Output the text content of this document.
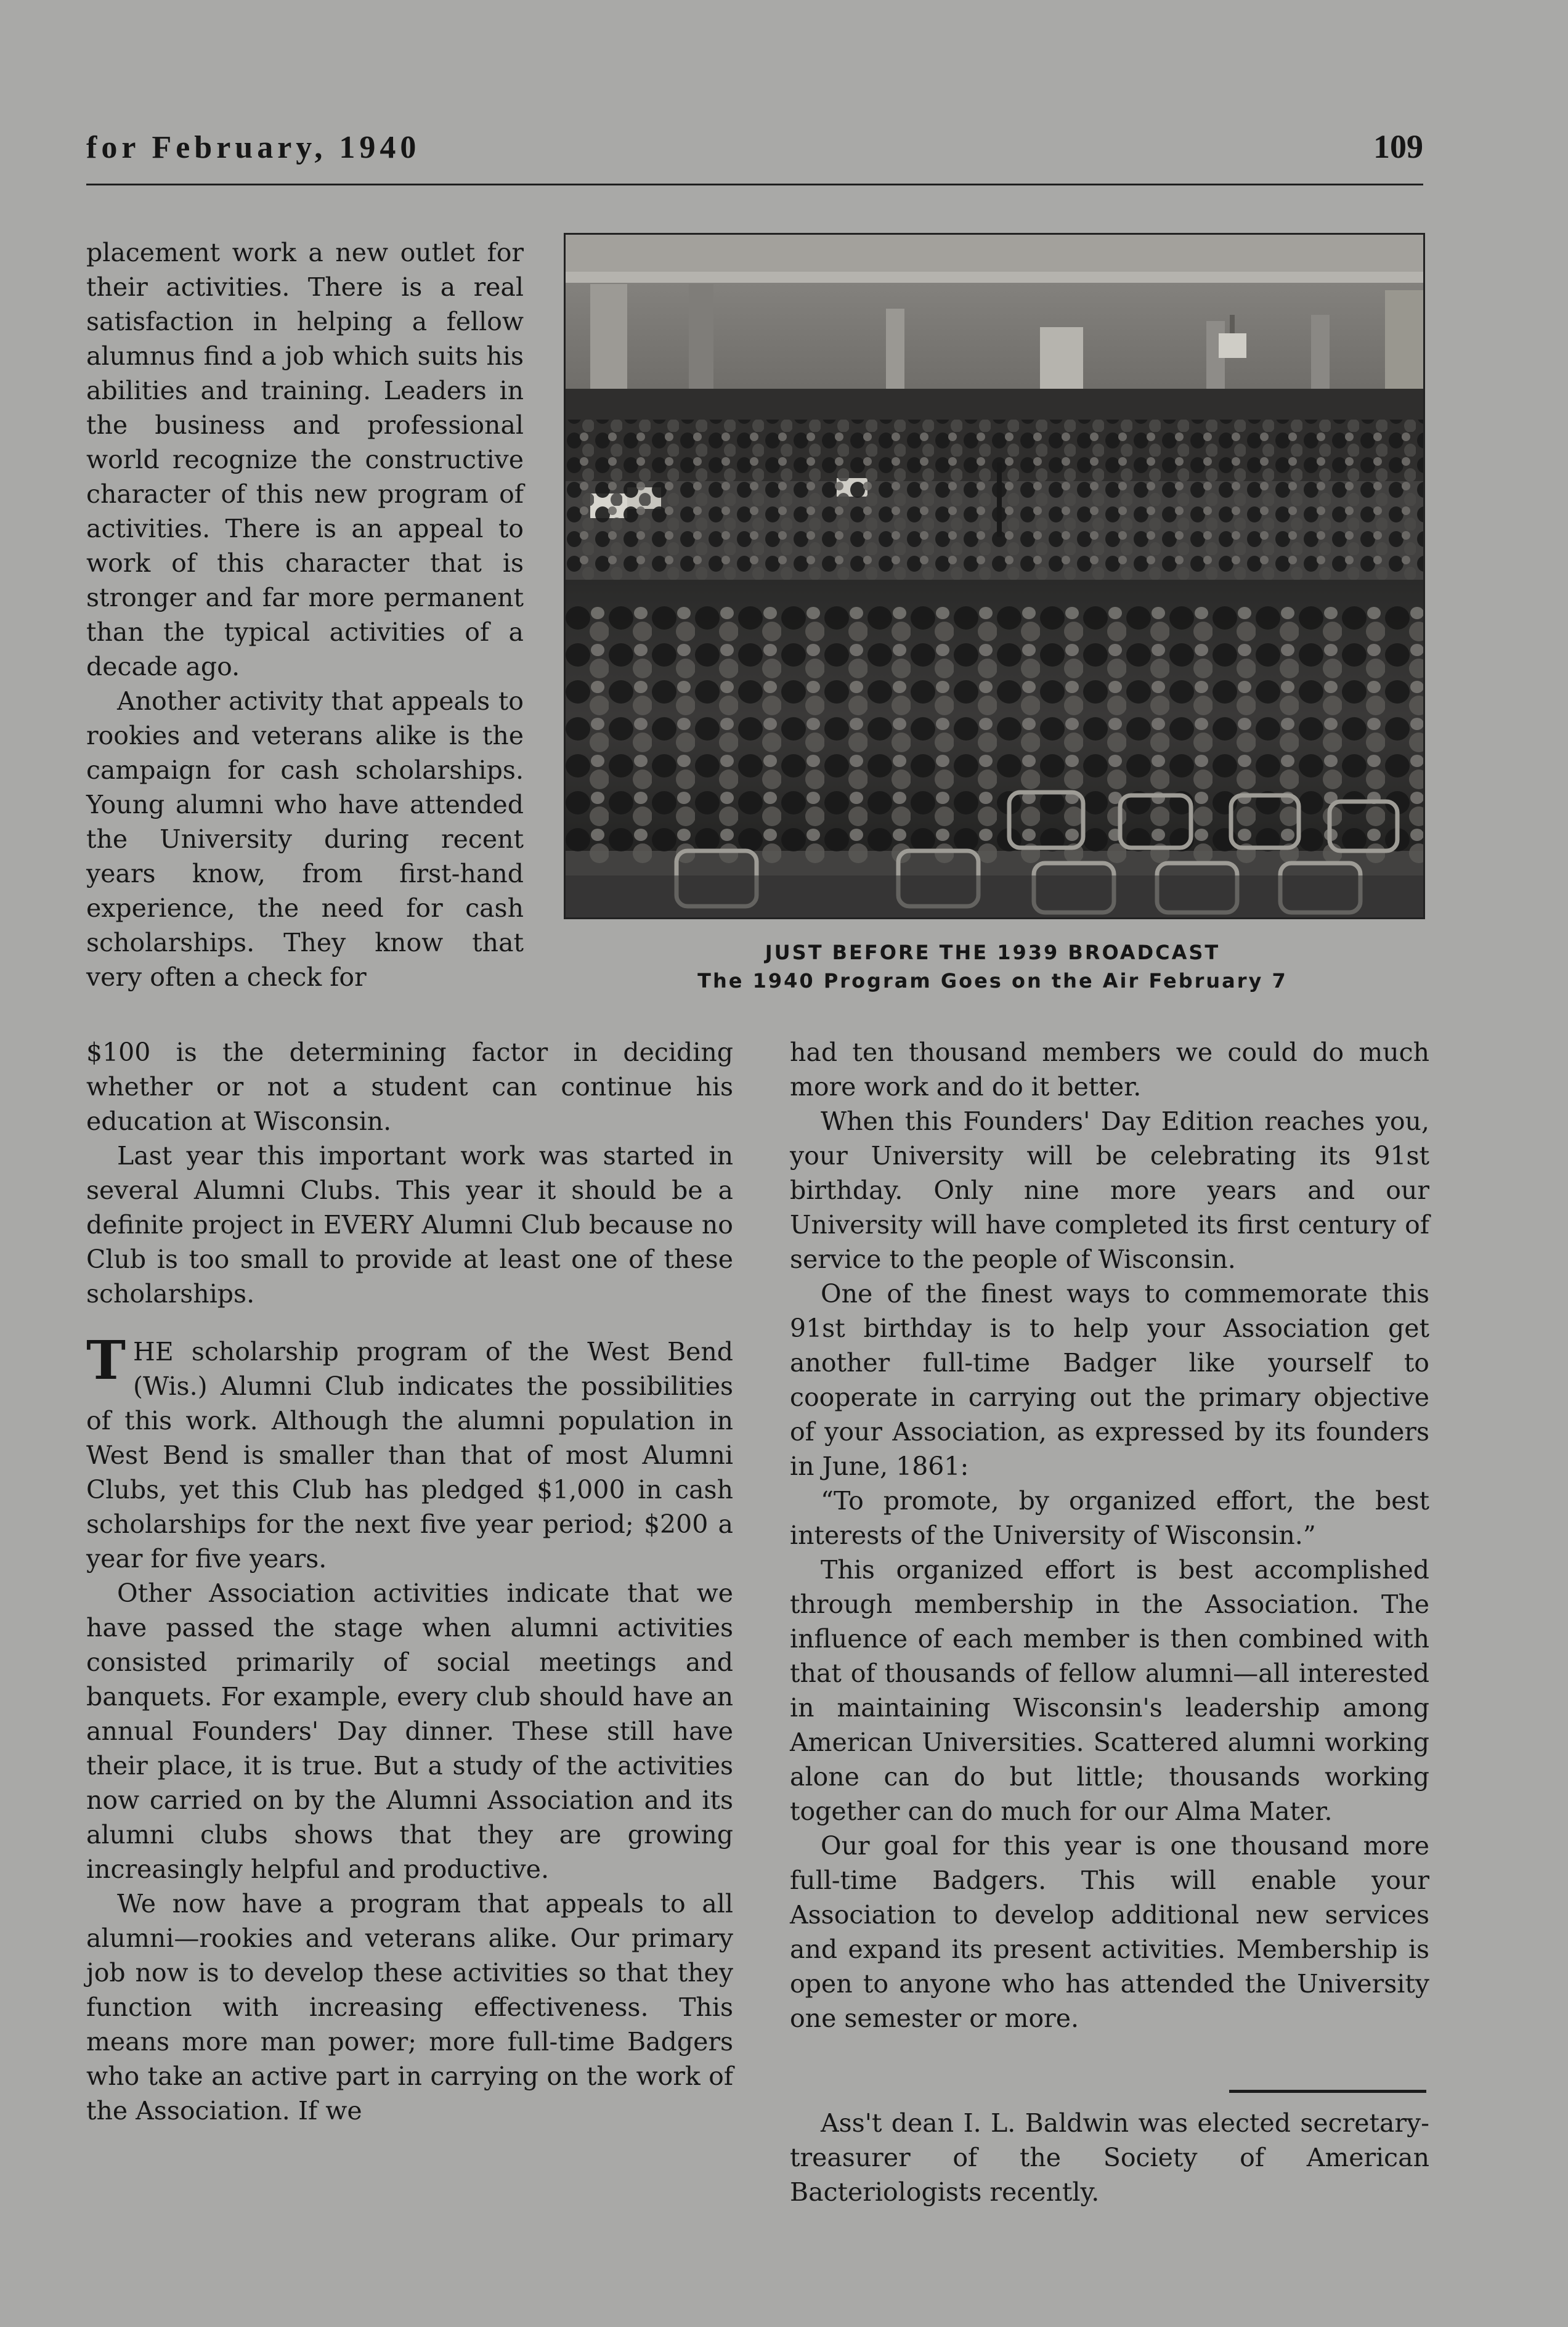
for February, 1940	109

placement work a new outlet for their activities. There is a real satisfaction in helping a fellow alumnus find a job which suits his abilities and training. Leaders in the business and professional world recognize the constructive character of this new program of activities. There is an appeal to work of this character that is stronger and far more permanent than the typical activities of a decade ago.

Another activity that appeals to rookies and veterans alike is the campaign for cash scholarships. Young alumni who have attended the University during recent years know, from first-hand experience, the need for cash scholarships. They know that very often a check for

JUST BEFORE THE 1939 BROADCAST
The 1940 Program Goes on the Air February 7

$100 is the determining factor in deciding whether or not a student can continue his education at Wisconsin.

Last year this important work was started in several Alumni Clubs. This year it should be a definite project in EVERY Alumni Club because no Club is too small to provide at least one of these scholarships.

THE scholarship program of the West Bend (Wis.) Alumni Club indicates the possibilities of this work. Although the alumni population in West Bend is smaller than that of most Alumni Clubs, yet this Club has pledged $1,000 in cash scholarships for the next five year period; $200 a year for five years.

Other Association activities indicate that we have passed the stage when alumni activities consisted primarily of social meetings and banquets. For example, every club should have an annual Founders' Day dinner. These still have their place, it is true. But a study of the activities now carried on by the Alumni Association and its alumni clubs shows that they are growing increasingly helpful and productive.

We now have a program that appeals to all alumni—rookies and veterans alike. Our primary job now is to develop these activities so that they function with increasing effectiveness. This means more man power; more full-time Badgers who take an active part in carrying on the work of the Association. If we

had ten thousand members we could do much more work and do it better.

When this Founders' Day Edition reaches you, your University will be celebrating its 91st birthday. Only nine more years and our University will have completed its first century of service to the people of Wisconsin.

One of the finest ways to commemorate this 91st birthday is to help your Association get another full-time Badger like yourself to cooperate in carrying out the primary objective of your Association, as expressed by its founders in June, 1861:

“To promote, by organized effort, the best interests of the University of Wisconsin.”

This organized effort is best accomplished through membership in the Association. The influence of each member is then combined with that of thousands of fellow alumni—all interested in maintaining Wisconsin's leadership among American Universities. Scattered alumni working alone can do but little; thousands working together can do much for our Alma Mater.

Our goal for this year is one thousand more full-time Badgers. This will enable your Association to develop additional new services and expand its present activities. Membership is open to anyone who has attended the University one semester or more.

Ass't dean I. L. Baldwin was elected secretary-treasurer of the Society of American Bacteriologists recently.
